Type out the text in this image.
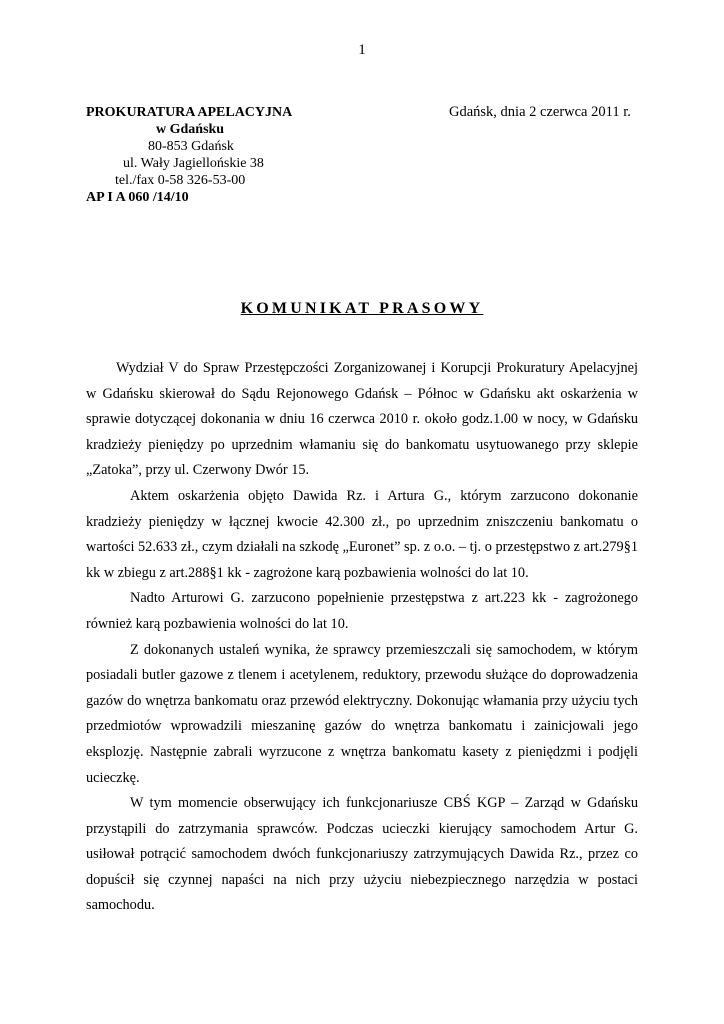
1
PROKURATURA APELACYJNA
w Gdańsku
80-853 Gdańsk
ul. Wały Jagiellońskie 38
tel./fax 0-58 326-53-00
AP I A 060 /14/10
Gdańsk, dnia 2 czerwca 2011 r.
KOMUNIKAT PRASOWY

Wydział V do Spraw Przestępczości Zorganizowanej i Korupcji Prokuratury Apelacyjnej w Gdańsku skierował do Sądu Rejonowego Gdańsk – Północ w Gdańsku akt oskarżenia w sprawie dotyczącej dokonania w dniu 16 czerwca 2010 r. około godz.1.00 w nocy, w Gdańsku kradzieży pieniędzy po uprzednim włamaniu się do bankomatu usytuowanego przy sklepie „Zatoka”, przy ul. Czerwony Dwór 15.

Aktem oskarżenia objęto Dawida Rz. i Artura G., którym zarzucono dokonanie kradzieży pieniędzy w łącznej kwocie 42.300 zł., po uprzednim zniszczeniu bankomatu o wartości 52.633 zł., czym działali na szkodę „Euronet” sp. z o.o. – tj. o przestępstwo z art.279§1 kk w zbiegu z art.288§1 kk - zagrożone karą pozbawienia wolności do lat 10.

Nadto Arturowi G. zarzucono popełnienie przestępstwa z art.223 kk - zagrożonego również karą pozbawienia wolności do lat 10.

Z dokonanych ustaleń wynika, że sprawcy przemieszczali się samochodem, w którym posiadali butler gazowe z tlenem i acetylenem, reduktory, przewodu służące do doprowadzenia gazów do wnętrza bankomatu oraz przewód elektryczny. Dokonując włamania przy użyciu tych przedmiotów wprowadzili mieszaninę gazów do wnętrza bankomatu i zainicjowali jego eksplozję. Następnie zabrali wyrzucone z wnętrza bankomatu kasety z pieniędzmi i podjęli ucieczkę.

W tym momencie obserwujący ich funkcjonariusze CBŚ KGP – Zarząd w Gdańsku przystąpili do zatrzymania sprawców. Podczas ucieczki kierujący samochodem Artur G. usiłował potrącić samochodem dwóch funkcjonariuszy zatrzymujących Dawida Rz., przez co dopuścił się czynnej napaści na nich przy użyciu niebezpiecznego narzędzia w postaci samochodu.
